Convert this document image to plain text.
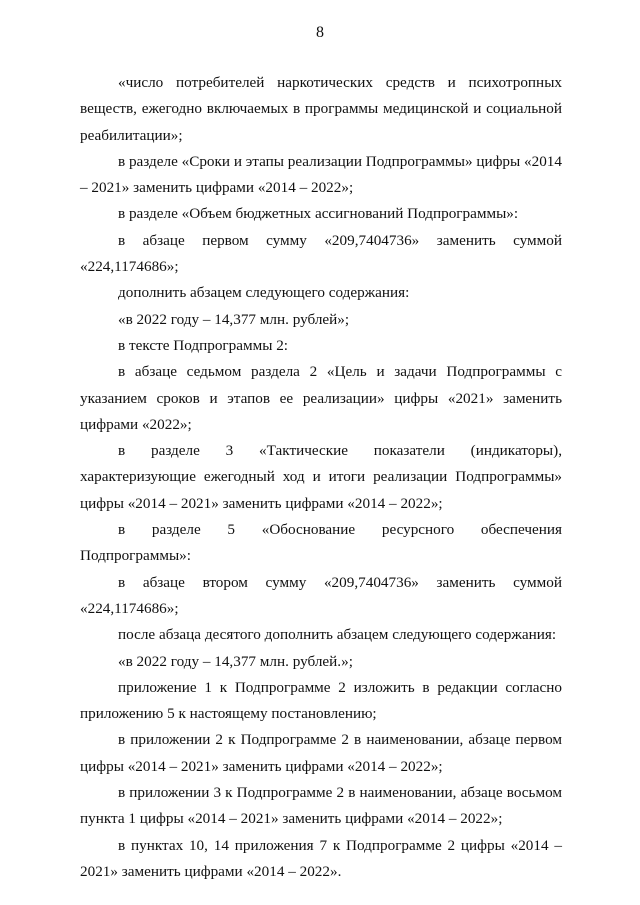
8

«число потребителей наркотических средств и психотропных веществ, ежегодно включаемых в программы медицинской и социальной реабилитации»;

в разделе «Сроки и этапы реализации Подпрограммы» цифры «2014 – 2021» заменить цифрами «2014 – 2022»;

в разделе «Объем бюджетных ассигнований Подпрограммы»:

в абзаце первом сумму «209,7404736» заменить суммой «224,1174686»;

дополнить абзацем следующего содержания:

«в 2022 году – 14,377 млн. рублей»;

в тексте Подпрограммы 2:

в абзаце седьмом раздела 2 «Цель и задачи Подпрограммы с указанием сроков и этапов ее реализации» цифры «2021» заменить цифрами «2022»;

в разделе 3 «Тактические показатели (индикаторы), характеризующие ежегодный ход и итоги реализации Подпрограммы» цифры «2014 – 2021» заменить цифрами «2014 – 2022»;

в разделе 5 «Обоснование ресурсного обеспечения Подпрограммы»:

в абзаце втором сумму «209,7404736» заменить суммой «224,1174686»;

после абзаца десятого дополнить абзацем следующего содержания:

«в 2022 году – 14,377 млн. рублей.»;

приложение 1 к Подпрограмме 2 изложить в редакции согласно приложению 5 к настоящему постановлению;

в приложении 2 к Подпрограмме 2 в наименовании, абзаце первом цифры «2014 – 2021» заменить цифрами «2014 – 2022»;

в приложении 3 к Подпрограмме 2 в наименовании, абзаце восьмом пункта 1 цифры «2014 – 2021» заменить цифрами «2014 – 2022»;

в пунктах 10, 14 приложения 7 к Подпрограмме 2 цифры «2014 – 2021» заменить цифрами «2014 – 2022».
